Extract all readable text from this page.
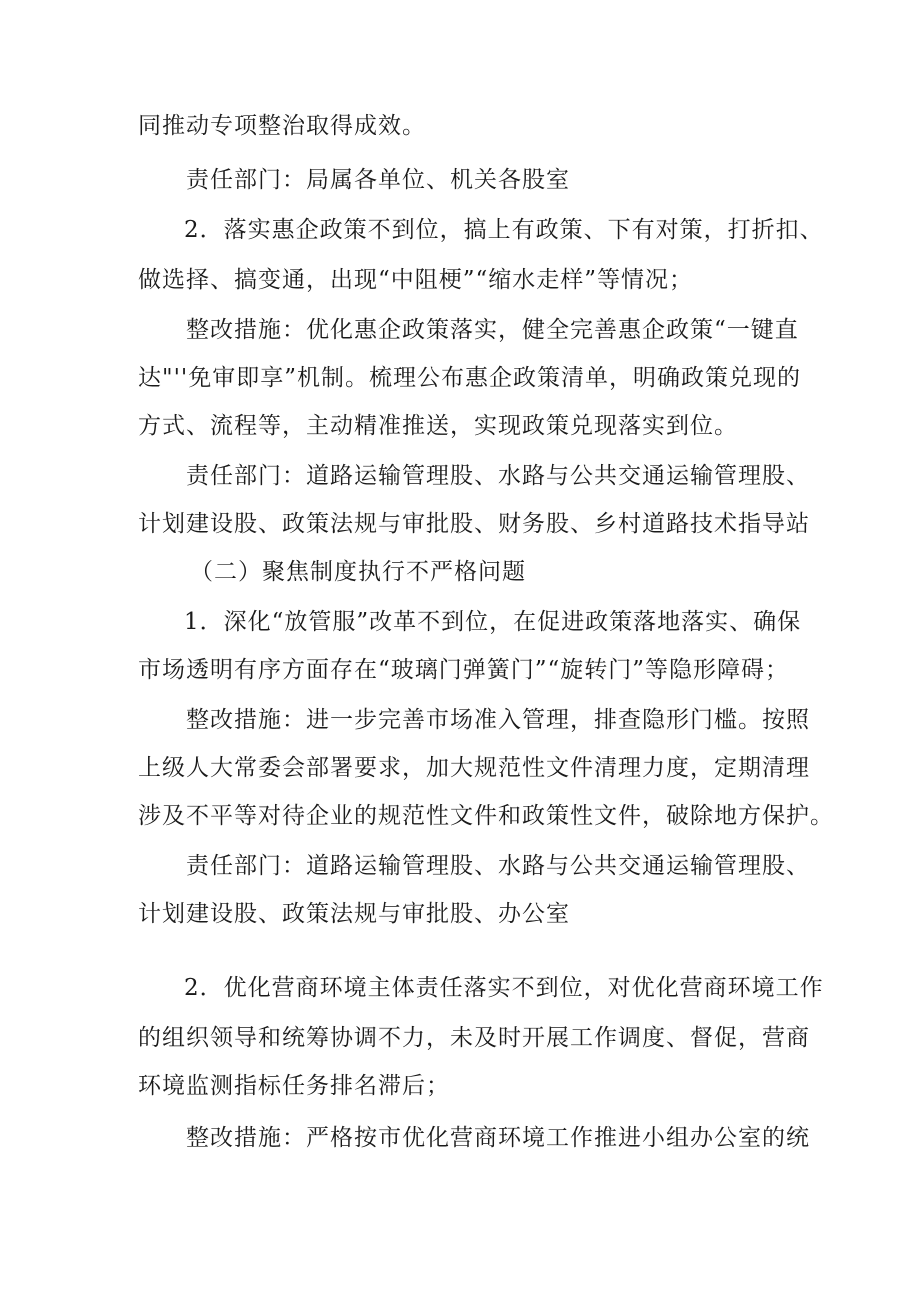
同推动专项整治取得成效。
责任部门：局属各单位、机关各股室
2．落实惠企政策不到位，搞上有政策、下有对策，打折扣、
做选择、搞变通，出现“中阻梗”“缩水走样”等情况；
整改措施：优化惠企政策落实，健全完善惠企政策“一键直
达"''免审即享”机制。梳理公布惠企政策清单，明确政策兑现的
方式、流程等，主动精准推送，实现政策兑现落实到位。
责任部门：道路运输管理股、水路与公共交通运输管理股、
计划建设股、政策法规与审批股、财务股、乡村道路技术指导站
（二）聚焦制度执行不严格问题
1．深化“放管服”改革不到位，在促进政策落地落实、确保
市场透明有序方面存在“玻璃门弹簧门”“旋转门”等隐形障碍；
整改措施：进一步完善市场准入管理，排查隐形门槛。按照
上级人大常委会部署要求，加大规范性文件清理力度，定期清理
涉及不平等对待企业的规范性文件和政策性文件，破除地方保护。
责任部门：道路运输管理股、水路与公共交通运输管理股、
计划建设股、政策法规与审批股、办公室
2．优化营商环境主体责任落实不到位，对优化营商环境工作
的组织领导和统筹协调不力，未及时开展工作调度、督促，营商
环境监测指标任务排名滞后；
整改措施：严格按市优化营商环境工作推进小组办公室的统
